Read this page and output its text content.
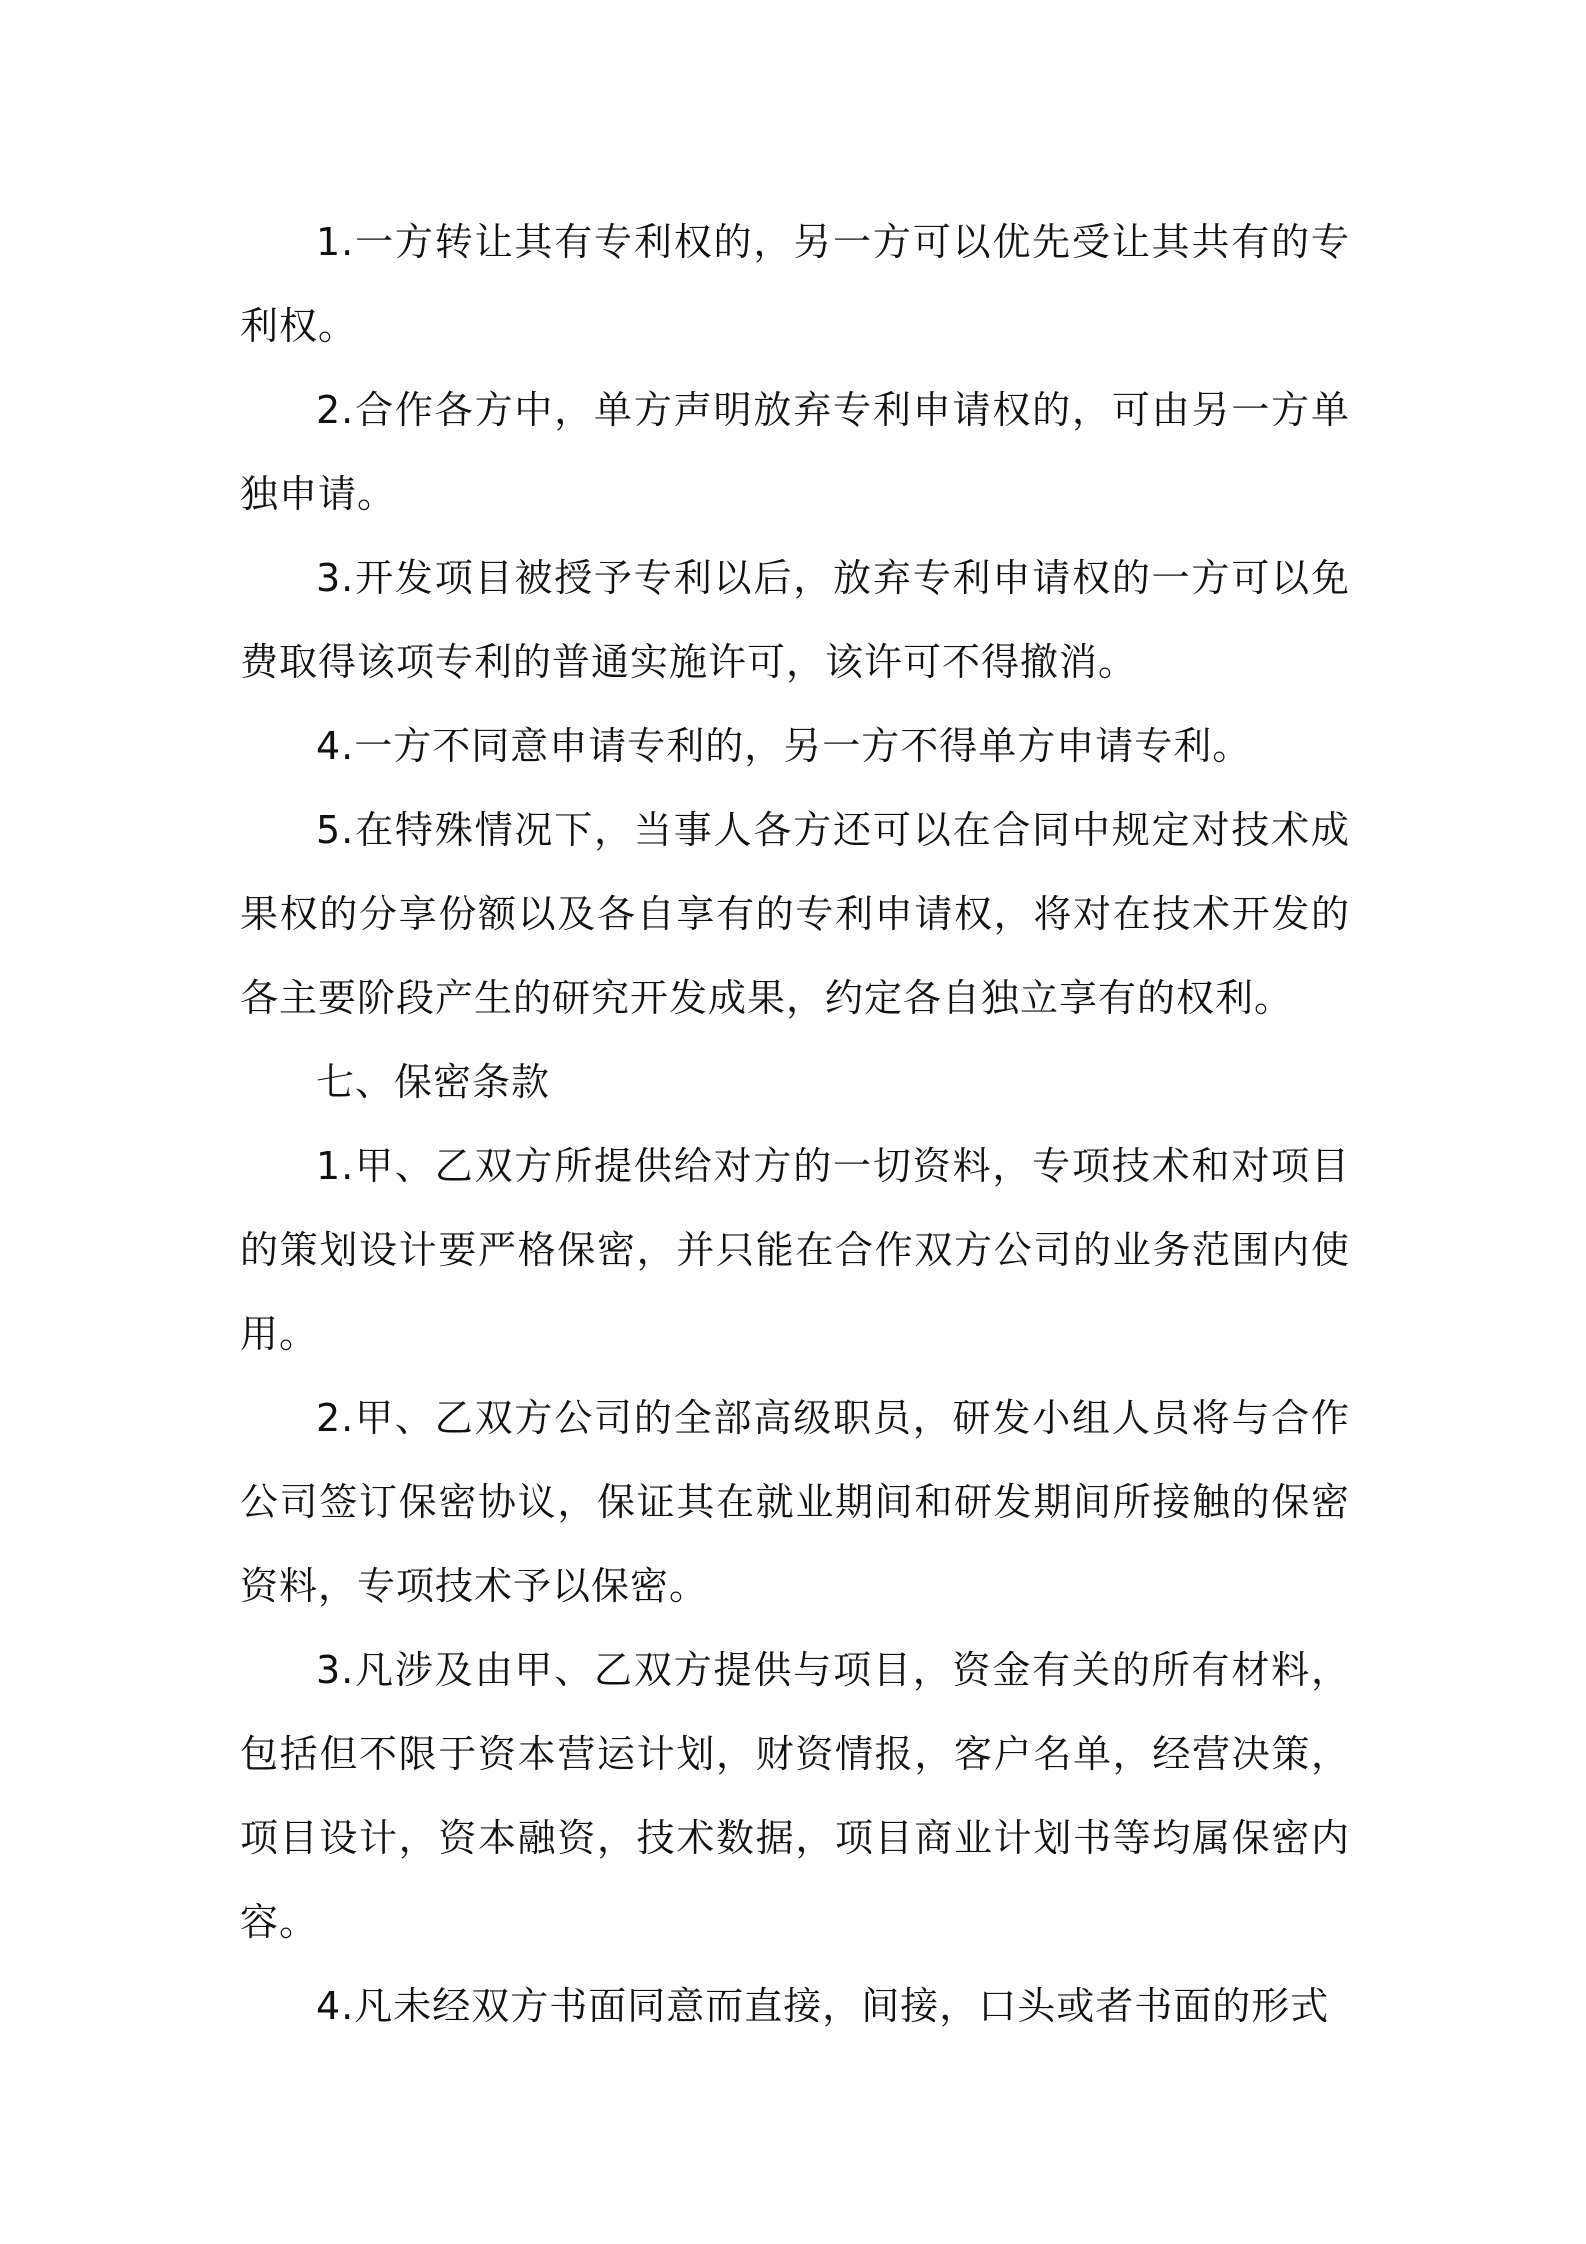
1.一方转让其有专利权的，另一方可以优先受让其共有的专利权。

2.合作各方中，单方声明放弃专利申请权的，可由另一方单独申请。

3.开发项目被授予专利以后，放弃专利申请权的一方可以免费取得该项专利的普通实施许可，该许可不得撤消。

4.一方不同意申请专利的，另一方不得单方申请专利。

5.在特殊情况下，当事人各方还可以在合同中规定对技术成果权的分享份额以及各自享有的专利申请权，将对在技术开发的各主要阶段产生的研究开发成果，约定各自独立享有的权利。

七、保密条款

1.甲、乙双方所提供给对方的一切资料，专项技术和对项目的策划设计要严格保密，并只能在合作双方公司的业务范围内使用。

2.甲、乙双方公司的全部高级职员，研发小组人员将与合作公司签订保密协议，保证其在就业期间和研发期间所接触的保密资料，专项技术予以保密。

3.凡涉及由甲、乙双方提供与项目，资金有关的所有材料，包括但不限于资本营运计划，财资情报，客户名单，经营决策，项目设计，资本融资，技术数据，项目商业计划书等均属保密内容。

4.凡未经双方书面同意而直接，间接，口头或者书面的形式
